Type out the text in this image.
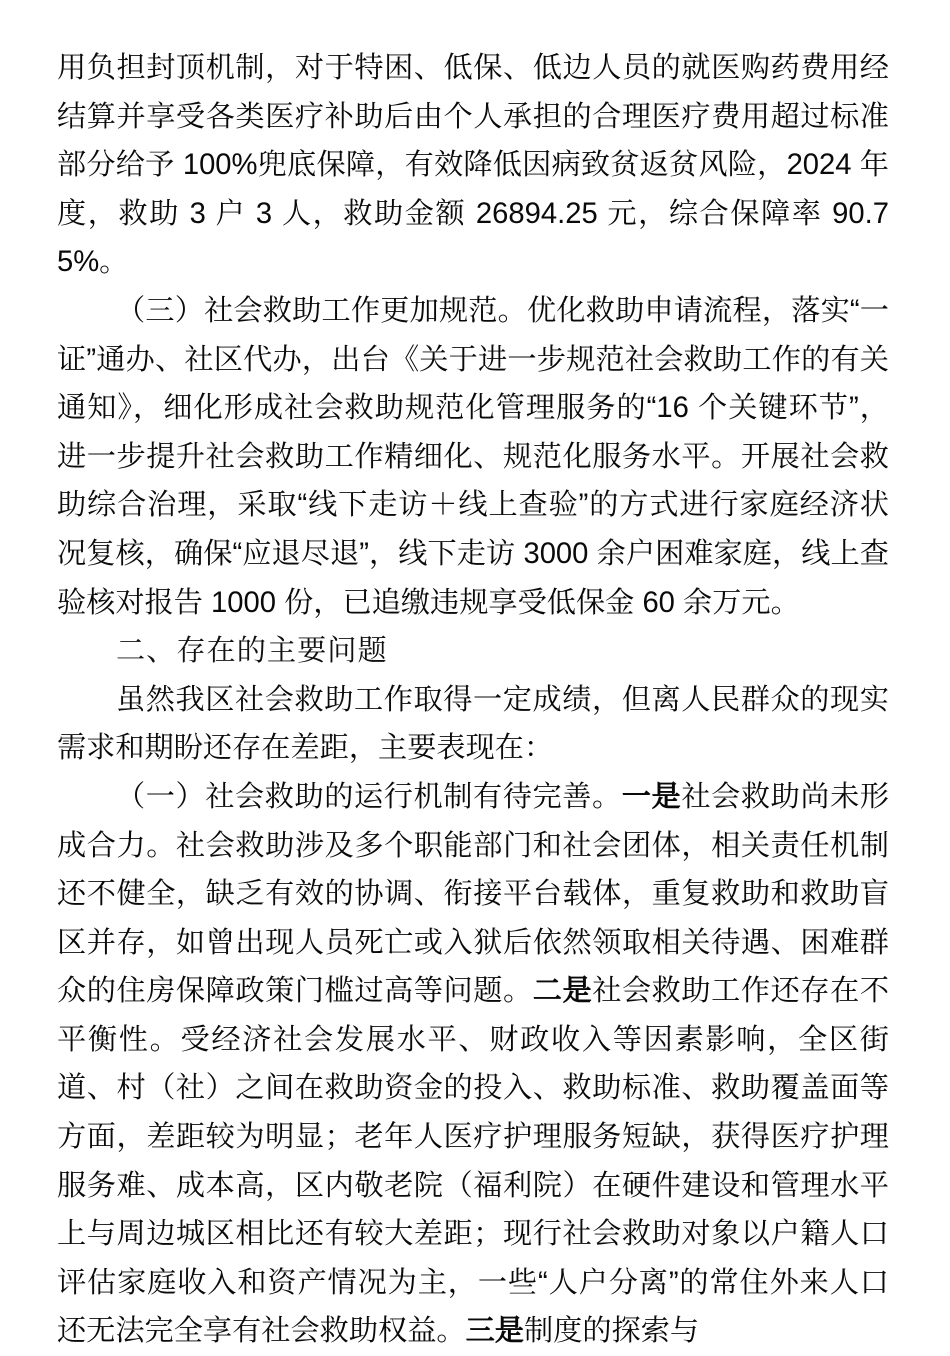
用负担封顶机制，对于特困、低保、低边人员的就医购药费用经结算并享受各类医疗补助后由个人承担的合理医疗费用超过标准部分给予 100%兜底保障，有效降低因病致贫返贫风险，2024 年度，救助 3 户 3 人，救助金额 26894.25 元，综合保障率 90.75%。

（三）社会救助工作更加规范。优化救助申请流程，落实“一证”通办、社区代办，出台《关于进一步规范社会救助工作的有关通知》，细化形成社会救助规范化管理服务的“16 个关键环节”，进一步提升社会救助工作精细化、规范化服务水平。开展社会救助综合治理，采取“线下走访＋线上查验”的方式进行家庭经济状况复核，确保“应退尽退”，线下走访 3000 余户困难家庭，线上查验核对报告 1000 份，已追缴违规享受低保金 60 余万元。

二、存在的主要问题

虽然我区社会救助工作取得一定成绩，但离人民群众的现实需求和期盼还存在差距，主要表现在：

（一）社会救助的运行机制有待完善。一是社会救助尚未形成合力。社会救助涉及多个职能部门和社会团体，相关责任机制还不健全，缺乏有效的协调、衔接平台载体，重复救助和救助盲区并存，如曾出现人员死亡或入狱后依然领取相关待遇、困难群众的住房保障政策门槛过高等问题。二是社会救助工作还存在不平衡性。受经济社会发展水平、财政收入等因素影响，全区街道、村（社）之间在救助资金的投入、救助标准、救助覆盖面等方面，差距较为明显；老年人医疗护理服务短缺，获得医疗护理服务难、成本高，区内敬老院（福利院）在硬件建设和管理水平上与周边城区相比还有较大差距；现行社会救助对象以户籍人口评估家庭收入和资产情况为主，一些“人户分离”的常住外来人口还无法完全享有社会救助权益。三是制度的探索与
